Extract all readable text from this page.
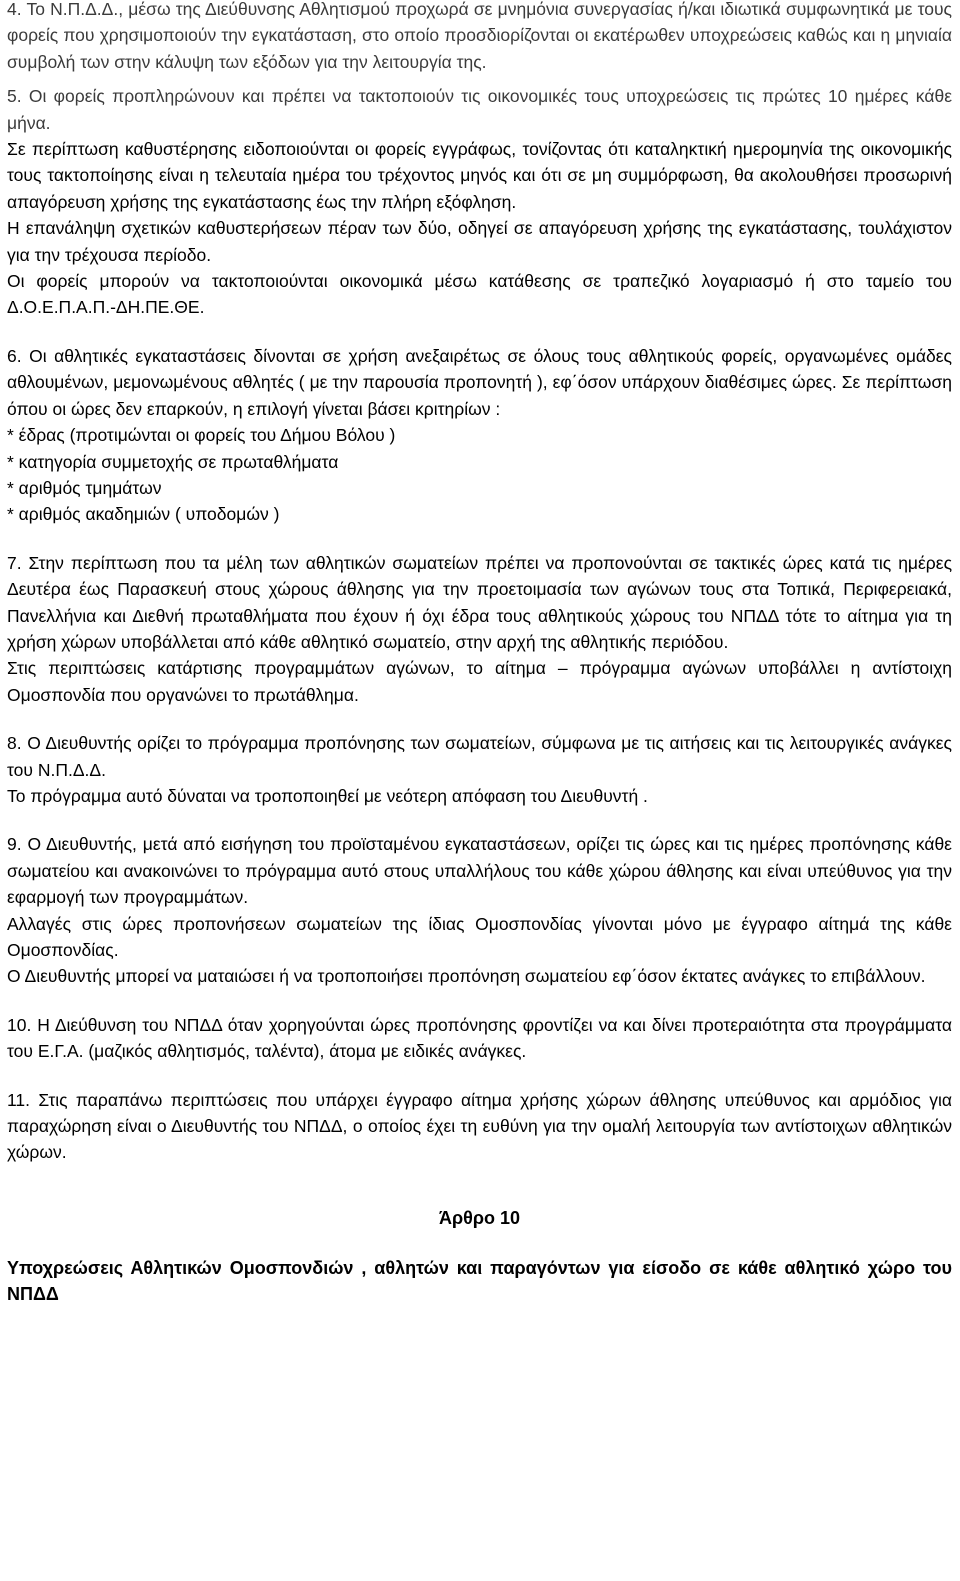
4. Το Ν.Π.Δ.Δ., μέσω της Διεύθυνσης Αθλητισμού προχωρά σε μνημόνια συνεργασίας ή/και ιδιωτικά συμφωνητικά με τους φορείς που χρησιμοποιούν την εγκατάσταση, στο οποίο προσδιορίζονται οι εκατέρωθεν υποχρεώσεις καθώς και η μηνιαία συμβολή των στην κάλυψη των εξόδων για την λειτουργία της.

5. Οι φορείς προπληρώνουν και πρέπει να τακτοποιούν τις οικονομικές τους υποχρεώσεις τις πρώτες 10 ημέρες κάθε μήνα.

Σε περίπτωση καθυστέρησης ειδοποιούνται οι φορείς εγγράφως, τονίζοντας ότι καταληκτική ημερομηνία της οικονομικής τους τακτοποίησης είναι η τελευταία ημέρα του τρέχοντος μηνός και ότι σε μη συμμόρφωση, θα ακολουθήσει προσωρινή απαγόρευση χρήσης της εγκατάστασης έως την πλήρη εξόφληση.

Η επανάληψη σχετικών καθυστερήσεων πέραν των δύο, οδηγεί σε απαγόρευση χρήσης της εγκατάστασης, τουλάχιστον για την τρέχουσα περίοδο.

Οι φορείς μπορούν να τακτοποιούνται οικονομικά μέσω κατάθεσης σε τραπεζικό λογαριασμό ή στο ταμείο του Δ.Ο.Ε.Π.Α.Π.-ΔΗ.ΠΕ.ΘΕ.

6. Οι αθλητικές εγκαταστάσεις δίνονται σε χρήση ανεξαιρέτως σε όλους τους αθλητικούς φορείς, οργανωμένες ομάδες αθλουμένων, μεμονωμένους αθλητές ( με την παρουσία προπονητή ), εφ΄όσον υπάρχουν διαθέσιμες ώρες. Σε περίπτωση όπου οι ώρες δεν επαρκούν, η επιλογή γίνεται βάσει κριτηρίων :

* έδρας (προτιμώνται οι φορείς του Δήμου Βόλου )

* κατηγορία συμμετοχής σε πρωταθλήματα

* αριθμός τμημάτων

* αριθμός ακαδημιών ( υποδομών )

7. Στην περίπτωση που τα μέλη των αθλητικών σωματείων πρέπει να προπονούνται σε τακτικές ώρες κατά τις ημέρες Δευτέρα έως Παρασκευή στους χώρους άθλησης για την προετοιμασία των αγώνων τους στα Τοπικά, Περιφερειακά, Πανελλήνια και Διεθνή πρωταθλήματα που έχουν ή όχι έδρα τους αθλητικούς χώρους του ΝΠΔΔ τότε το αίτημα για τη χρήση χώρων υποβάλλεται από κάθε αθλητικό σωματείο, στην αρχή της αθλητικής περιόδου.

Στις περιπτώσεις κατάρτισης προγραμμάτων αγώνων, το αίτημα – πρόγραμμα αγώνων υποβάλλει η αντίστοιχη Ομοσπονδία που οργανώνει το πρωτάθλημα.

8. Ο Διευθυντής ορίζει το πρόγραμμα προπόνησης των σωματείων, σύμφωνα με τις αιτήσεις και τις λειτουργικές ανάγκες του Ν.Π.Δ.Δ.

Το πρόγραμμα αυτό δύναται να τροποποιηθεί με νεότερη απόφαση του Διευθυντή .

9. Ο Διευθυντής, μετά από εισήγηση του προϊσταμένου εγκαταστάσεων, ορίζει τις ώρες και τις ημέρες προπόνησης κάθε σωματείου και ανακοινώνει το πρόγραμμα αυτό στους υπαλλήλους του κάθε χώρου άθλησης και είναι υπεύθυνος για την εφαρμογή των προγραμμάτων.

Αλλαγές στις ώρες προπονήσεων σωματείων της ίδιας Ομοσπονδίας γίνονται μόνο με έγγραφο αίτημά της κάθε Ομοσπονδίας.

Ο Διευθυντής μπορεί να ματαιώσει ή να τροποποιήσει προπόνηση σωματείου εφ΄όσον έκτατες ανάγκες το επιβάλλουν.

10. Η Διεύθυνση του ΝΠΔΔ όταν χορηγούνται ώρες προπόνησης φροντίζει να και δίνει προτεραιότητα στα προγράμματα του Ε.Γ.Α. (μαζικός αθλητισμός, ταλέντα), άτομα με ειδικές ανάγκες.

11. Στις παραπάνω περιπτώσεις που υπάρχει έγγραφο αίτημα χρήσης χώρων άθλησης υπεύθυνος και αρμόδιος για παραχώρηση είναι ο Διευθυντής του ΝΠΔΔ, ο οποίος έχει τη ευθύνη για την ομαλή λειτουργία των αντίστοιχων αθλητικών χώρων.

Άρθρο 10

Υποχρεώσεις Αθλητικών Ομοσπονδιών , αθλητών και παραγόντων για είσοδο σε κάθε αθλητικό χώρο του ΝΠΔΔ
